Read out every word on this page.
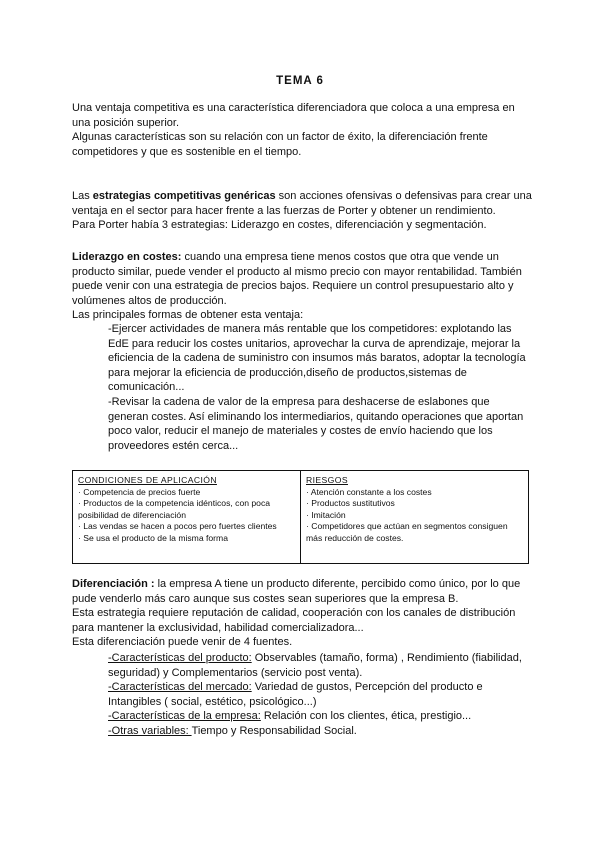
TEMA 6
Una ventaja competitiva es una característica diferenciadora que coloca a una empresa en una posición superior.
Algunas características son su relación con un factor de éxito, la diferenciación frente competidores y que es sostenible en el tiempo.
Las estrategias competitivas genéricas son acciones ofensivas o defensivas para crear una ventaja en el sector para hacer frente a las fuerzas de Porter y obtener un rendimiento.
Para Porter había 3 estrategias: Liderazgo en costes, diferenciación y segmentación.
Liderazgo en costes: cuando una empresa tiene menos costos que otra que vende un producto similar, puede vender el producto al mismo precio con mayor rentabilidad. También puede venir con una estrategia de precios bajos. Requiere un control presupuestario alto y volúmenes altos de producción.
Las principales formas de obtener esta ventaja:
-Ejercer actividades de manera más rentable que los competidores: explotando las EdE para reducir los costes unitarios, aprovechar la curva de aprendizaje, mejorar la eficiencia de la cadena de suministro con insumos más baratos, adoptar la tecnología para mejorar la eficiencia de producción,diseño de productos,sistemas de comunicación...
-Revisar la cadena de valor de la empresa para deshacerse de eslabones que generan costes. Así eliminando los intermediarios, quitando operaciones que aportan poco valor, reducir el manejo de materiales y costes de envío haciendo que los proveedores estén cerca...
CONDICIONES DE APLICACIÓN
· Competencia de precios fuerte
· Productos de la competencia idénticos, con poca posibilidad de diferenciación
· Las vendas se hacen a pocos pero fuertes clientes
· Se usa el producto de la misma forma
RIESGOS
· Atención constante a los costes
· Productos sustitutivos
· Imitación
· Competidores que actúan en segmentos consiguen más reducción de costes.
Diferenciación : la empresa A tiene un producto diferente, percibido como único, por lo que pude venderlo más caro aunque sus costes sean superiores que la empresa B.
Esta estrategia requiere reputación de calidad, cooperación con los canales de distribución para mantener la exclusividad, habilidad comercializadora...
Esta diferenciación puede venir de 4 fuentes.
-Características del producto: Observables (tamaño, forma) , Rendimiento (fiabilidad, seguridad) y Complementarios (servicio post venta).
-Características del mercado: Variedad de gustos, Percepción del producto e Intangibles ( social, estético, psicológico...)
-Características de la empresa: Relación con los clientes, ética, prestigio...
-Otras variables: Tiempo y Responsabilidad Social.
